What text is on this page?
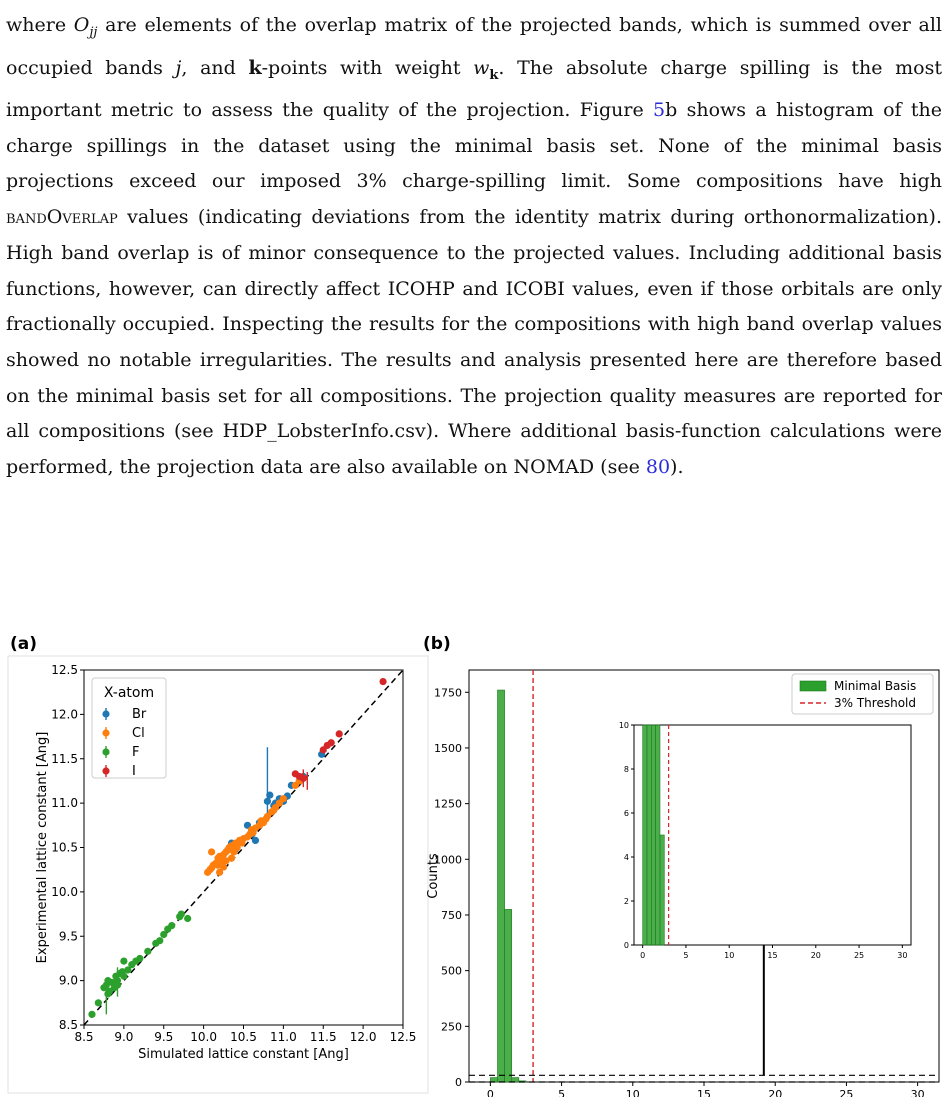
where $O_{jj}$ are elements of the overlap matrix of the projected bands, which is summed over all occupied bands j, and k-points with weight $w_k$. The absolute charge spilling is the most important metric to assess the quality of the projection. Figure 5b shows a histogram of the charge spillings in the dataset using the minimal basis set. None of the minimal basis projections exceed our imposed 3% charge-spilling limit. Some compositions have high bandOverlap values (indicating deviations from the identity matrix during orthonormalization). High band overlap is of minor consequence to the projected values. Including additional basis functions, however, can directly affect ICOHP and ICOBI values, even if those orbitals are only fractionally occupied. Inspecting the results for the compositions with high band overlap values showed no notable irregularities. The results and analysis presented here are therefore based on the minimal basis set for all compositions. The projection quality measures are reported for all compositions (see HDP_LobsterInfo.csv). Where additional basis-function calculations were performed, the projection data are also available on NOMAD (see 80).
(a)
8.5 9.0 9.5 10.0 10.5 11.0 11.5 12.0 12.5
8.5
9.0
9.5
10.0
10.5
11.0
11.5
12.0
12.5
Simulated lattice constant [Ang]
Experimental lattice constant [Ang]
X-atom
Br
Cl
F
I
(b)
0	5	10	15	20	25	30
0
250
500
750
1000
1250
1500
1750
Counts
Minimal Basis
3% Threshold
0	5	10	15	20	25	30
0
2
4
6
8
10
